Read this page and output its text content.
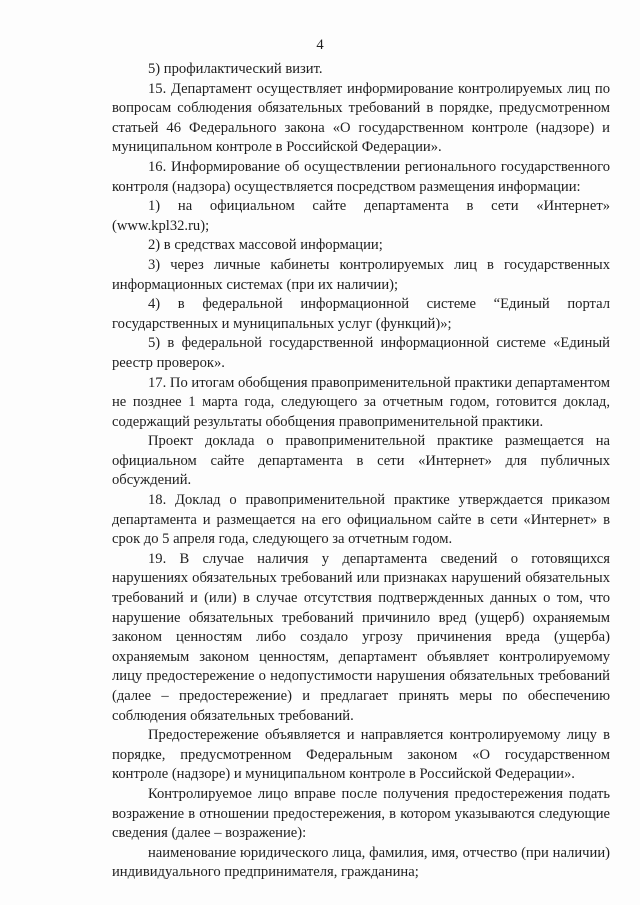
4

5) профилактический визит.

15. Департамент осуществляет информирование контролируемых лиц по вопросам соблюдения обязательных требований в порядке, предусмотренном статьей 46 Федерального закона «О государственном контроле (надзоре) и муниципальном контроле в Российской Федерации».

16. Информирование об осуществлении регионального государственного контроля (надзора) осуществляется посредством размещения информации:

1) на официальном сайте департамента в сети «Интернет» (www.kpl32.ru);

2) в средствах массовой информации;

3) через личные кабинеты контролируемых лиц в государственных информационных системах (при их наличии);

4) в федеральной информационной системе “Единый портал государственных и муниципальных услуг (функций)»;

5) в федеральной государственной информационной системе «Единый реестр проверок».

17. По итогам обобщения правоприменительной практики департаментом не позднее 1 марта года, следующего за отчетным годом, готовится доклад, содержащий результаты обобщения правоприменительной практики.

Проект доклада о правоприменительной практике размещается на официальном сайте департамента в сети «Интернет» для публичных обсуждений.

18. Доклад о правоприменительной практике утверждается приказом департамента и размещается на его официальном сайте в сети «Интернет» в срок до 5 апреля года, следующего за отчетным годом.

19. В случае наличия у департамента сведений о готовящихся нарушениях обязательных требований или признаках нарушений обязательных требований и (или) в случае отсутствия подтвержденных данных о том, что нарушение обязательных требований причинило вред (ущерб) охраняемым законом ценностям либо создало угрозу причинения вреда (ущерба) охраняемым законом ценностям, департамент объявляет контролируемому лицу предостережение о недопустимости нарушения обязательных требований (далее – предостережение) и предлагает принять меры по обеспечению соблюдения обязательных требований.

Предостережение объявляется и направляется контролируемому лицу в порядке, предусмотренном Федеральным законом «О государственном контроле (надзоре) и муниципальном контроле в Российской Федерации».

Контролируемое лицо вправе после получения предостережения подать возражение в отношении предостережения, в котором указываются следующие сведения (далее – возражение):

наименование юридического лица, фамилия, имя, отчество (при наличии) индивидуального предпринимателя, гражданина;
